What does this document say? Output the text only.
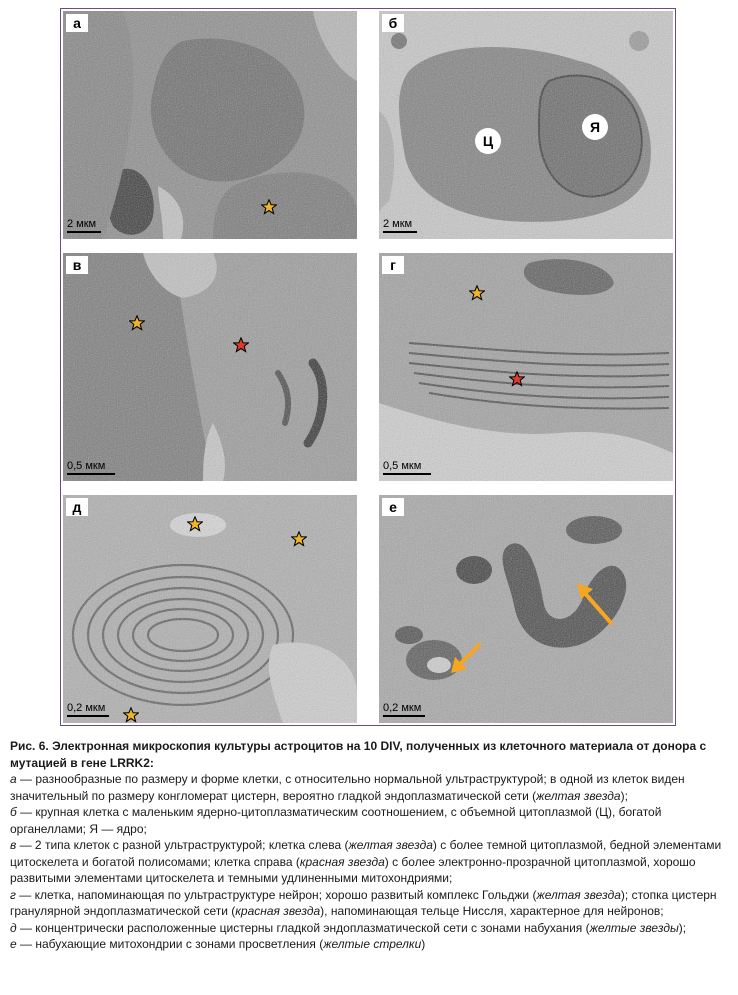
а
2 мкм
б
Ц
Я
2 мкм
в
0,5 мкм
г
0,5 мкм
д
0,2 мкм
е
0,2 мкм
Рис. 6. Электронная микроскопия культуры астроцитов на 10 DIV, полученных из клеточного материала от донора с мутацией в гене LRRK2:

а — разнообразные по размеру и форме клетки, с относительно нормальной ультраструктурой; в одной из клеток виден значительный по размеру конгломерат цистерн, вероятно гладкой эндоплазматической сети (желтая звезда);

б — крупная клетка с маленьким ядерно-цитоплазматическим соотношением, с объемной цитоплазмой (Ц), богатой органеллами; Я — ядро;

в — 2 типа клеток с разной ультраструктурой; клетка слева (желтая звезда) с более темной цитоплазмой, бедной элементами цитоскелета и богатой полисомами; клетка справа (красная звезда) с более электронно-прозрачной цитоплазмой, хорошо развитыми элементами цитоскелета и темными удлиненными митохондриями;

г — клетка, напоминающая по ультраструктуре нейрон; хорошо развитый комплекс Гольджи (желтая звезда); стопка цистерн гранулярной эндоплазматической сети (красная звезда), напоминающая тельце Ниссля, характерное для нейронов;

д — концентрически расположенные цистерны гладкой эндоплазматической сети с зонами набухания (желтые звезды);

е — набухающие митохондрии с зонами просветления (желтые стрелки)
